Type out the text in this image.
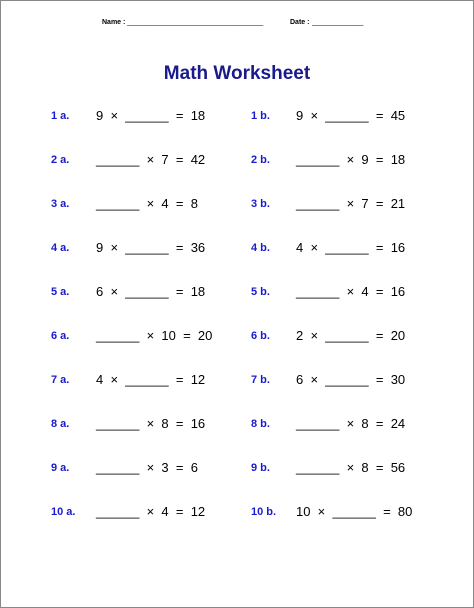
Name : ________________________________________	Date : _______________
Math Worksheet
1 a. 9  ×  ______  =  18	1 b. 9  ×  ______  =  45
2 a. ______  ×  7  =  42	2 b. ______  ×  9  =  18
3 a. ______  ×  4  =  8	3 b. ______  ×  7  =  21
4 a. 9  ×  ______  =  36	4 b. 4  ×  ______  =  16
5 a. 6  ×  ______  =  18	5 b. ______  ×  4  =  16
6 a. ______  ×  10  =  20	6 b. 2  ×  ______  =  20
7 a. 4  ×  ______  =  12	7 b. 6  ×  ______  =  30
8 a. ______  ×  8  =  16	8 b. ______  ×  8  =  24
9 a. ______  ×  3  =  6	9 b. ______  ×  8  =  56
10 a. ______  ×  4  =  12	10 b. 10  ×  ______  =  80
